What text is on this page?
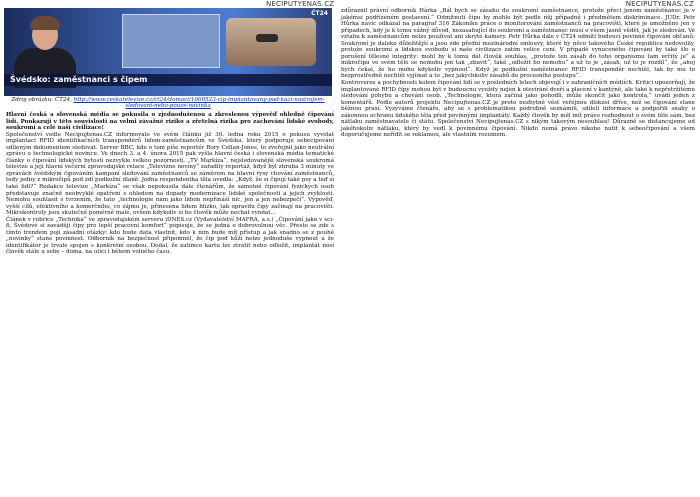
NECIPUTYENAS.CZ	NECIPUTYENAS.CZ
ČT24
Švédsko: zaměstnanci s čipem
Zdroj obrázku: ČT24, http://www.ceskatelevize.cz/ct24/domaci/1000523-cip-implantovany-pod-kuzi-nastrojem-sledovani-nebo-pouze-novinka

Hlavní česká a slovenská média se pokusila o zjednodušenou a zkreslenou výpověď ohledně čipování lidí. Poukazuji v této souvislosti na velmi závažné riziko a zřetelná rizika pro zachování lidské svobody, soukromí a celé naší civilizace!

Společenství vedle Necipujtenas.CZ informovalo ve svém článku již 30. ledna roku 2015 o pokusu vyvolat implantaci RFID identifikačních transpondérů lidem-zaměstnancům ve Švédsku, který podporuje sebecipování sdíleným dokumentem sledovat. Server BBC, kde o tom píše reportér Rory Cellan-Jones, to zveřejnil jako neutrální zprávu o technologické novince. Ve dnech 3. a 4. února 2015 pak vyšla hlavní česká i slovenská média tematické články o čipování lidských bytostí nezvykle velkou pozorností. „TV Markíza“, nejsledovanější slovenská soukromá televize a její hlavní večerní zpravodajské relace „Televízne noviny“ zařadily reportáž, když byl zhruba 3 minuty ve zprávách švédským čipováním kampaní sledování zaměstnanců se záměrem na hlavní rysy chování zaměstnanců, tedy jedny z mikročipů pod zdí podkožní dlaně. Jedna respondentka těla uvedla: „Když, že si čipují také psy a teď si také lidi?“ Redakce televize „Markíza“ se však nepokusila dále čtenářům, že samotné čipování fyzických osob představuje značně neobvyklé opatření s ohledem na dopady modernizace lidské společnosti a jejich zvyklostí. Nemohu souhlasit s tvrzením, že tato „technologie nám jako lidem nepřináší nic, jen a jen nebezpečí“. Výpověď, vyšší cílů, efektivního a komerčního, co zájmu je, přinesena lidem blízko, tak opravdu čipy začínají na pracovišti. Mikrokontroly jsou skutečně poměrně malé, ovšem kdykoliv si ho člověk může nechat vyndat...

Článek v rubrice „Technika“ ve zpravodajském serveru iDNES.cz (Vydavatelství MAFRA, a.s.) „Čipování jako v sci-fi, Švédové si zavádějí čipy pro lepší pracovní komfort“ popisuje, že se jedná o dobrovolnou věc. Přesto se zde s tímto trendem pojí zásadní otázky: kdo bude data vlastnit, kdo k nim bude mít přístup a jak snadno se z pouhé „novinky“ stane povinnost. Odborník na bezpečnost připomněl, že čip pod kůží nelze jednoduše vypnout a že identifikátor je trvale spojen s konkrétní osobou. Dodal, že zatímco kartu lze ztratit nebo odložit, implantát nosí člověk stále u sebe – doma, na ulici i během volného času.

zdůraznil právní odborník Hárka „Bál bych se zásahu do soukromí zaměstnance, protože přeci jenom zaměstnanec je v jakémsi podřízeném postavení.“ Odmítnutí čipu by mohlo být podle něj případně i předmětem diskriminace. JUDr. Petr Hůrka navíc odkázal na paragraf 316 Zákoníku práce o monitorování zaměstnanců na pracovišti, které je umožněno jen v případech, kdy je k tomu vážný důvod, nezasahující do soukromí a zaměstnanec musí o všem jasně vědět, jak je sledován. Ve vztahu k zaměstnancům nelze používat ani skryté kamery. Petr Hůrka dále v ČT24 odmítl budoucí povinné čipování občanů: Soukromí je daleko důležitější a jsou zde přední mezinárodní smlouvy, které by něco takového České republice nedovolily, protože soukromí a lidskou svobodu si naše civilizace zatím velice cení. V případě vynuceného čipování by také šlo o porušení tělesné integrity: mohl by k tomu dát člověk souhlas, „protože ten zásah do toho organismu tam určitý je“ a mikročipu ve svém těle se nemohu jen tak „zbavit“, také „odložit bo nemohu“ a už to je „zásah, už to je rozdíl“, že „ahoj bych čekal, že ho mohu kdykoliv vypnout“. Když je podkožní zaměstnanec RFID transpondér nechtěl, tak by mu to bezprostředně nechtěl vyjímat a to „bez jakýchkoliv zásahů do procesního postupu“.

Kontroverze a pochybnosti kolem čipování lidí se v posledních letech objevují i v zahraničních médiích. Kritici upozorňují, že implantované RFID čipy mohou být v budoucnu využity nejen k otevírání dveří a placení v kantýně, ale také k nepřetržitému sledování pohybu a chování osob. „Technologie, která začíná jako pohodlí, může skončit jako kontrola,“ uvádí jeden z komentářů. Podle autorů projektu Necipujtenas.CZ je proto nezbytné vést veřejnou diskusi dříve, než se čipování stane běžnou praxí. Vyzýváme čtenáře, aby se s problematikou podrobně seznámili, sdíleli informace a podpořili snahy o zákonnou ochranu lidského těla před povinnými implantáty. Každý člověk by měl mít právo rozhodnout o svém těle sám, bez nátlaku zaměstnavatele či státu. Společenství Necipujtenas.CZ s nikým takovým nesouhlasí! Důrazně se distancujeme od jakéhokoliv nátlaku, který by vedl k povinnému čipování. Nikdo nemá právo nikoho nutit k sebeočipování a všem doporučujeme neřídit se reklamou, ale vlastním rozumem.
